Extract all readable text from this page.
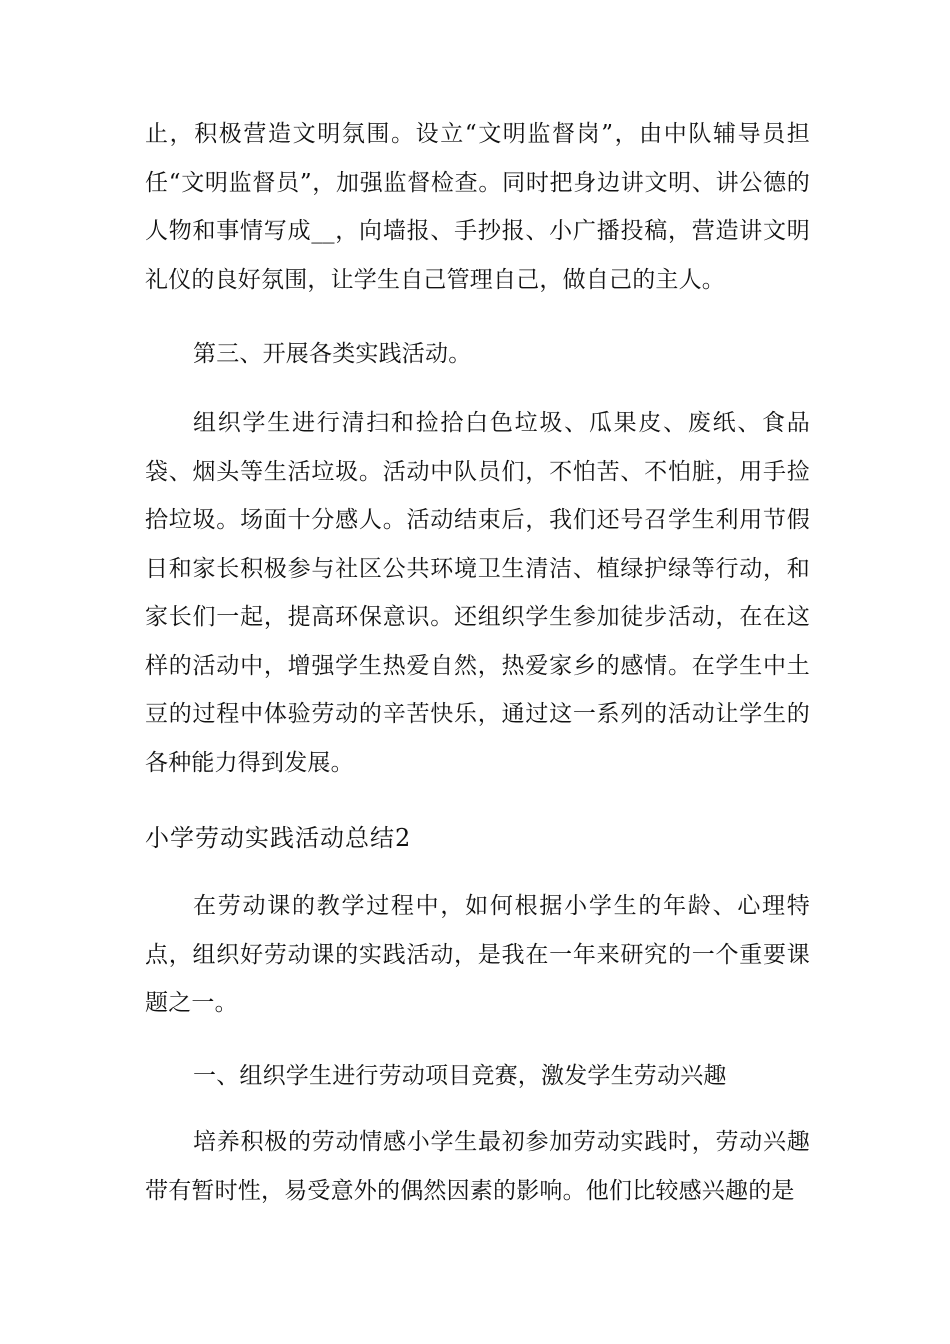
止，积极营造文明氛围。设立“文明监督岗”，由中队辅导员担任“文明监督员”，加强监督检查。同时把身边讲文明、讲公德的人物和事情写成__，向墙报、手抄报、小广播投稿，营造讲文明礼仪的良好氛围，让学生自己管理自己，做自己的主人。
第三、开展各类实践活动。
组织学生进行清扫和捡拾白色垃圾、瓜果皮、废纸、食品袋、烟头等生活垃圾。活动中队员们，不怕苦、不怕脏，用手捡拾垃圾。场面十分感人。活动结束后，我们还号召学生利用节假日和家长积极参与社区公共环境卫生清洁、植绿护绿等行动，和家长们一起，提高环保意识。还组织学生参加徒步活动，在在这样的活动中，增强学生热爱自然，热爱家乡的感情。在学生中土豆的过程中体验劳动的辛苦快乐，通过这一系列的活动让学生的各种能力得到发展。
小学劳动实践活动总结2
在劳动课的教学过程中，如何根据小学生的年龄、心理特点，组织好劳动课的实践活动，是我在一年来研究的一个重要课题之一。
一、组织学生进行劳动项目竞赛，激发学生劳动兴趣
培养积极的劳动情感小学生最初参加劳动实践时，劳动兴趣带有暂时性，易受意外的偶然因素的影响。他们比较感兴趣的是
